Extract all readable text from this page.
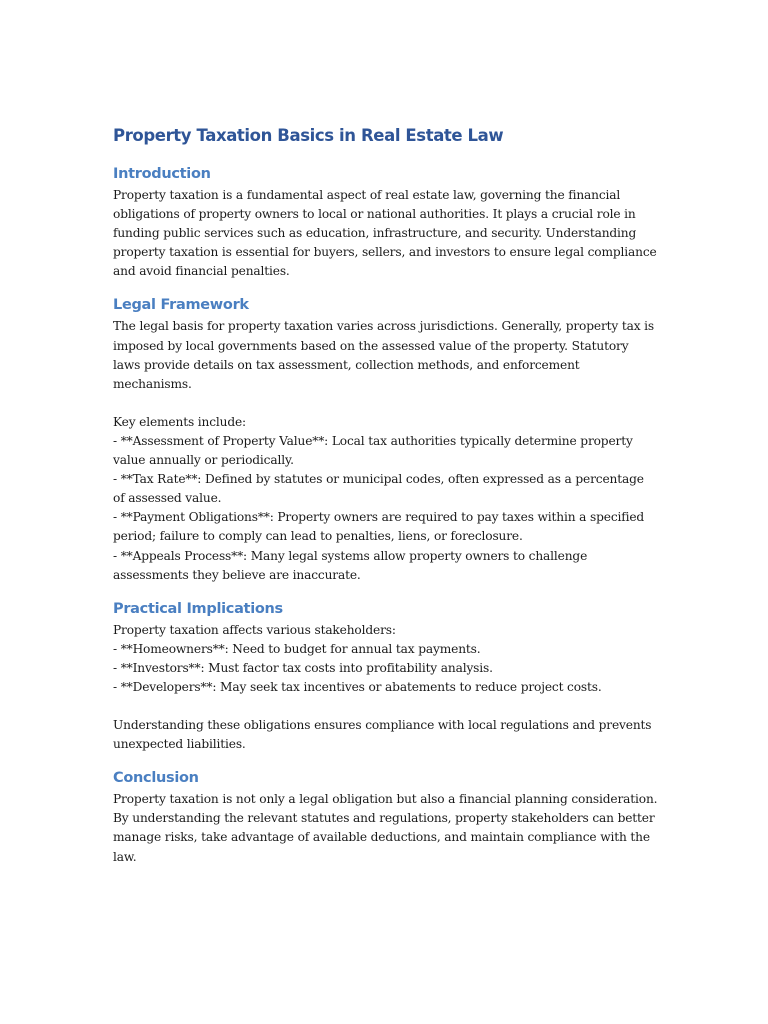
Property Taxation Basics in Real Estate Law
Introduction

Property taxation is a fundamental aspect of real estate law, governing the financial obligations of property owners to local or national authorities. It plays a crucial role in funding public services such as education, infrastructure, and security. Understanding property taxation is essential for buyers, sellers, and investors to ensure legal compliance and avoid financial penalties.

Legal Framework

The legal basis for property taxation varies across jurisdictions. Generally, property tax is imposed by local governments based on the assessed value of the property. Statutory laws provide details on tax assessment, collection methods, and enforcement mechanisms.

Key elements include:

- **Assessment of Property Value**: Local tax authorities typically determine property value annually or periodically.

- **Tax Rate**: Defined by statutes or municipal codes, often expressed as a percentage of assessed value.

- **Payment Obligations**: Property owners are required to pay taxes within a specified period; failure to comply can lead to penalties, liens, or foreclosure.

- **Appeals Process**: Many legal systems allow property owners to challenge assessments they believe are inaccurate.

Practical Implications

Property taxation affects various stakeholders:

- **Homeowners**: Need to budget for annual tax payments.

- **Investors**: Must factor tax costs into profitability analysis.

- **Developers**: May seek tax incentives or abatements to reduce project costs.

Understanding these obligations ensures compliance with local regulations and prevents unexpected liabilities.

Conclusion

Property taxation is not only a legal obligation but also a financial planning consideration. By understanding the relevant statutes and regulations, property stakeholders can better manage risks, take advantage of available deductions, and maintain compliance with the law.
